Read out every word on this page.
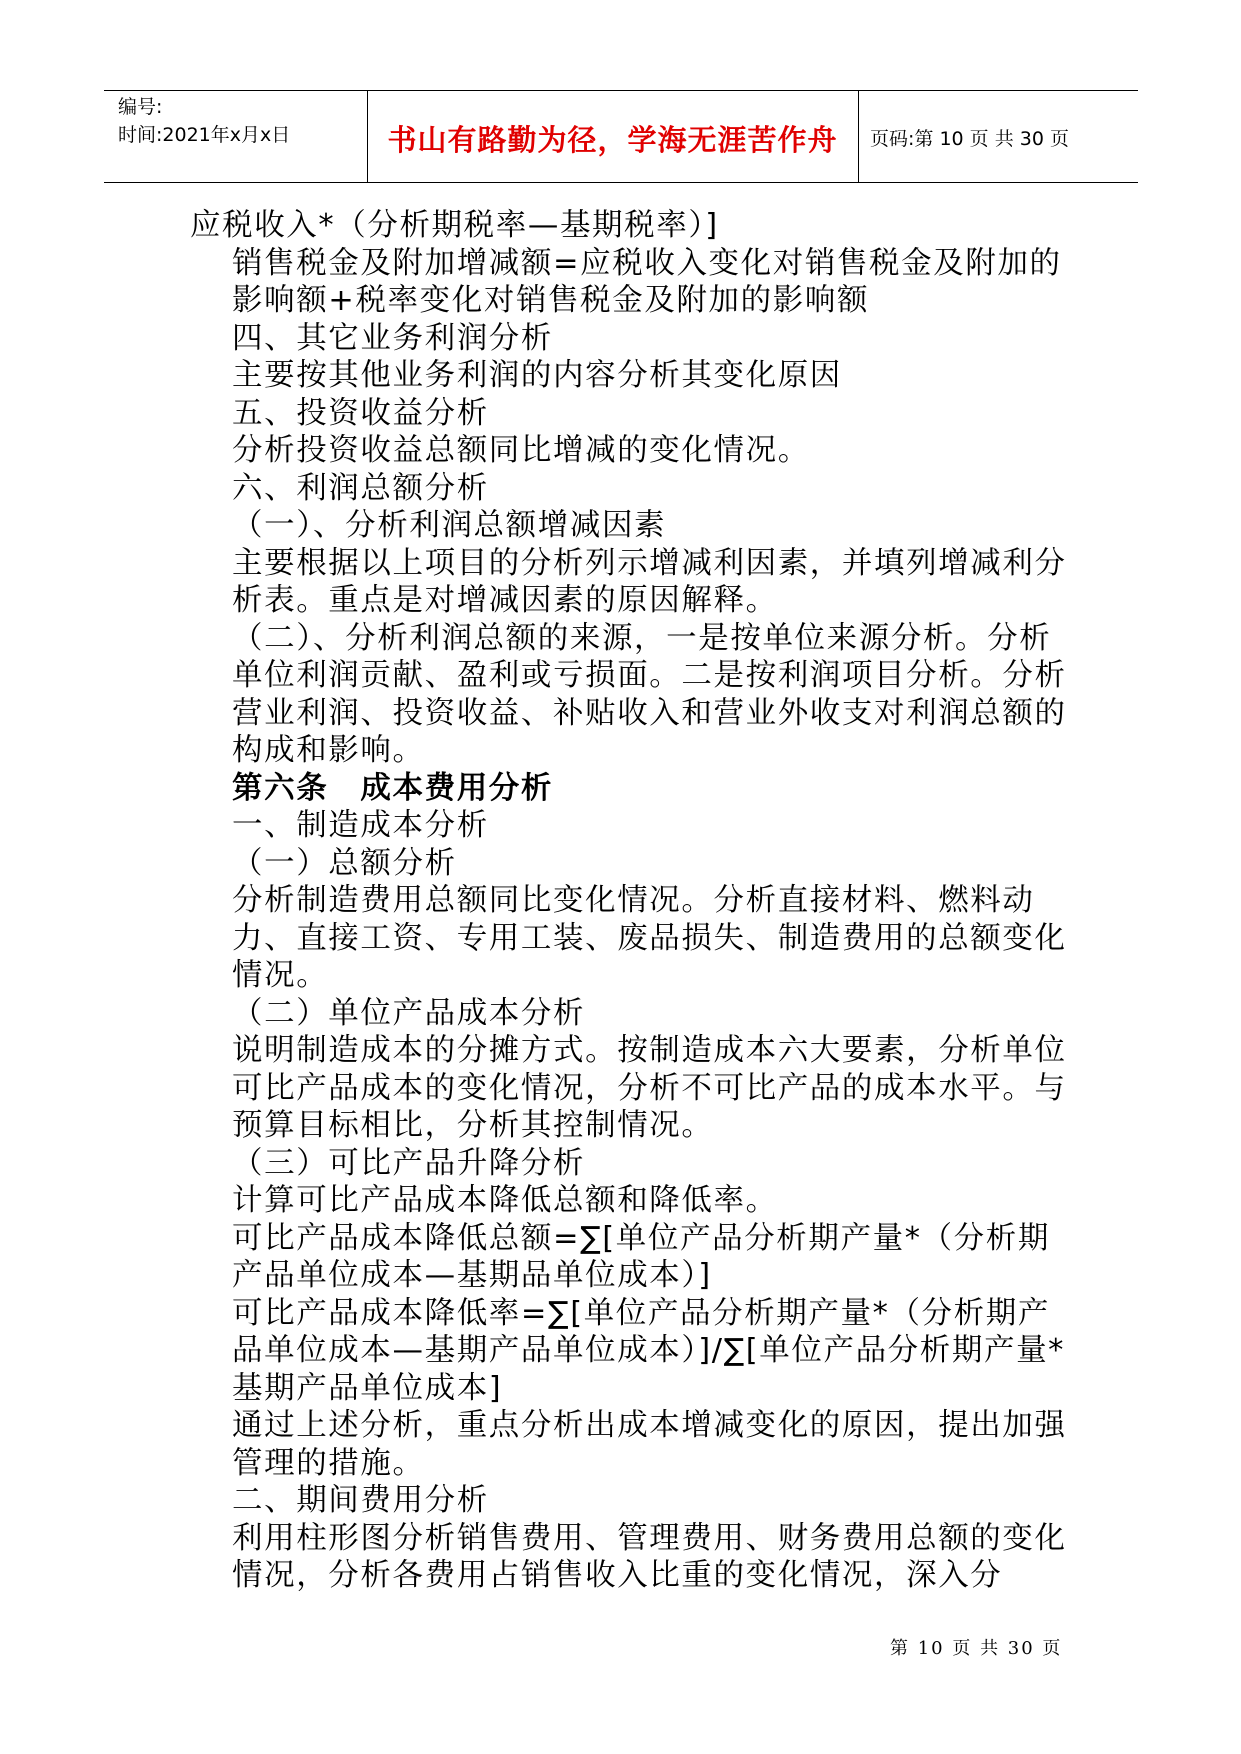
编号:
时间:2021年x月x日	书山有路勤为径，学海无涯苦作舟	页码:第 10 页 共 30 页

应税收入*（分析期税率—基期税率）]

销售税金及附加增减额=应税收入变化对销售税金及附加的影响额+税率变化对销售税金及附加的影响额

四、其它业务利润分析

主要按其他业务利润的内容分析其变化原因

五、投资收益分析

分析投资收益总额同比增减的变化情况。

六、利润总额分析

（一）、分析利润总额增减因素

主要根据以上项目的分析列示增减利因素，并填列增减利分析表。重点是对增减因素的原因解释。

（二）、分析利润总额的来源，一是按单位来源分析。分析单位利润贡献、盈利或亏损面。二是按利润项目分析。分析营业利润、投资收益、补贴收入和营业外收支对利润总额的构成和影响。

第六条　成本费用分析

一、制造成本分析

（一）总额分析

分析制造费用总额同比变化情况。分析直接材料、燃料动力、直接工资、专用工装、废品损失、制造费用的总额变化情况。

（二）单位产品成本分析

说明制造成本的分摊方式。按制造成本六大要素，分析单位可比产品成本的变化情况，分析不可比产品的成本水平。与预算目标相比，分析其控制情况。

（三）可比产品升降分析

计算可比产品成本降低总额和降低率。

可比产品成本降低总额=∑[单位产品分析期产量*（分析期产品单位成本—基期品单位成本）]

可比产品成本降低率=∑[单位产品分析期产量*（分析期产品单位成本—基期产品单位成本）]/∑[单位产品分析期产量*基期产品单位成本]

通过上述分析，重点分析出成本增减变化的原因，提出加强管理的措施。

二、期间费用分析

利用柱形图分析销售费用、管理费用、财务费用总额的变化情况，分析各费用占销售收入比重的变化情况，深入分

第 10 页 共 30 页
